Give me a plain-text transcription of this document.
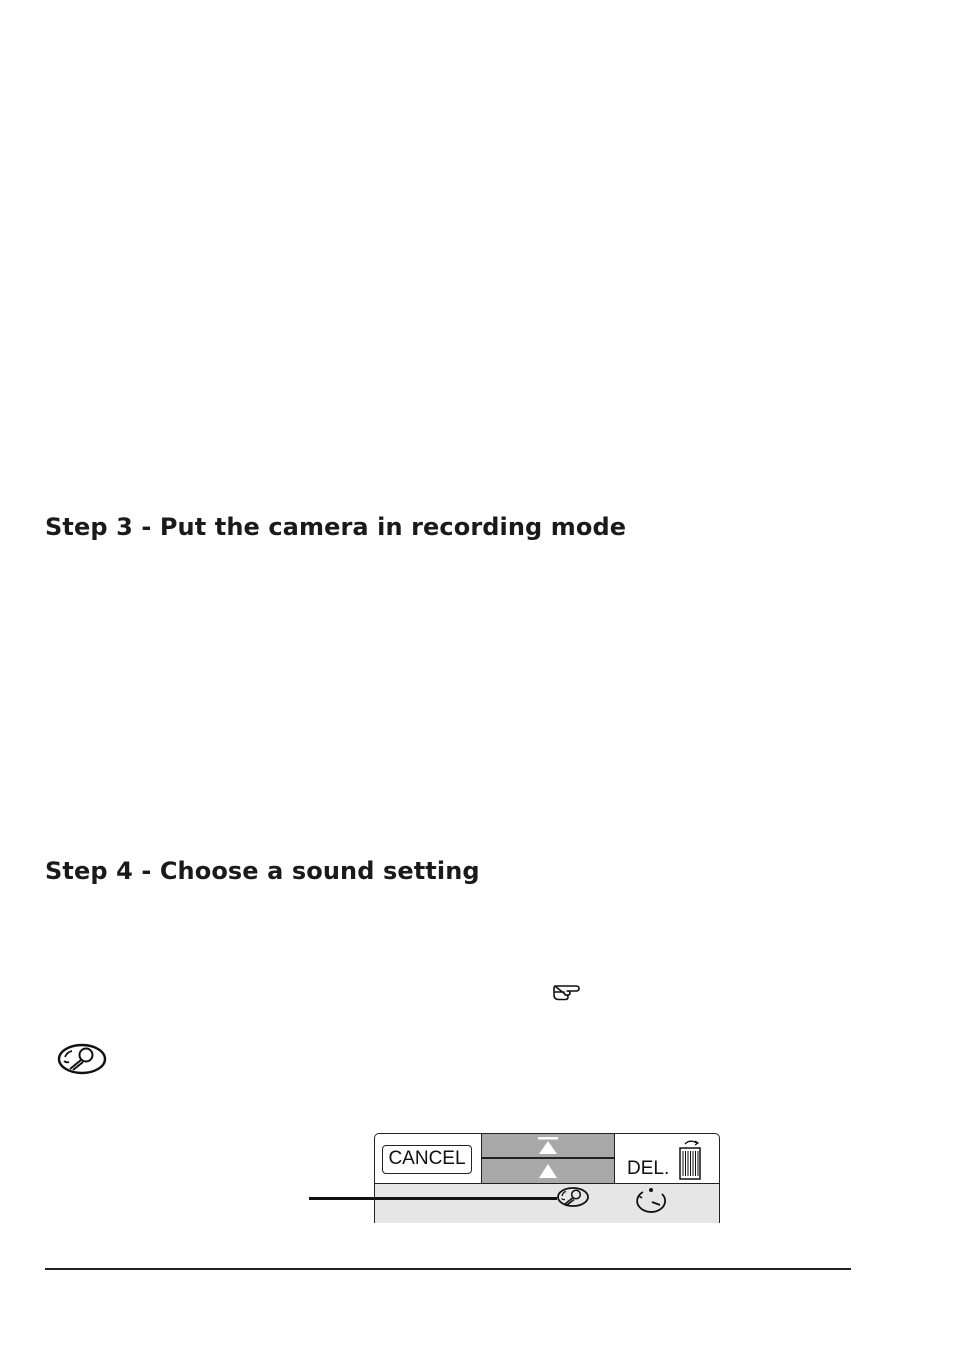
Step 3 - Put the camera in recording mode
Step 4 - Choose a sound setting
CANCEL	DEL.
